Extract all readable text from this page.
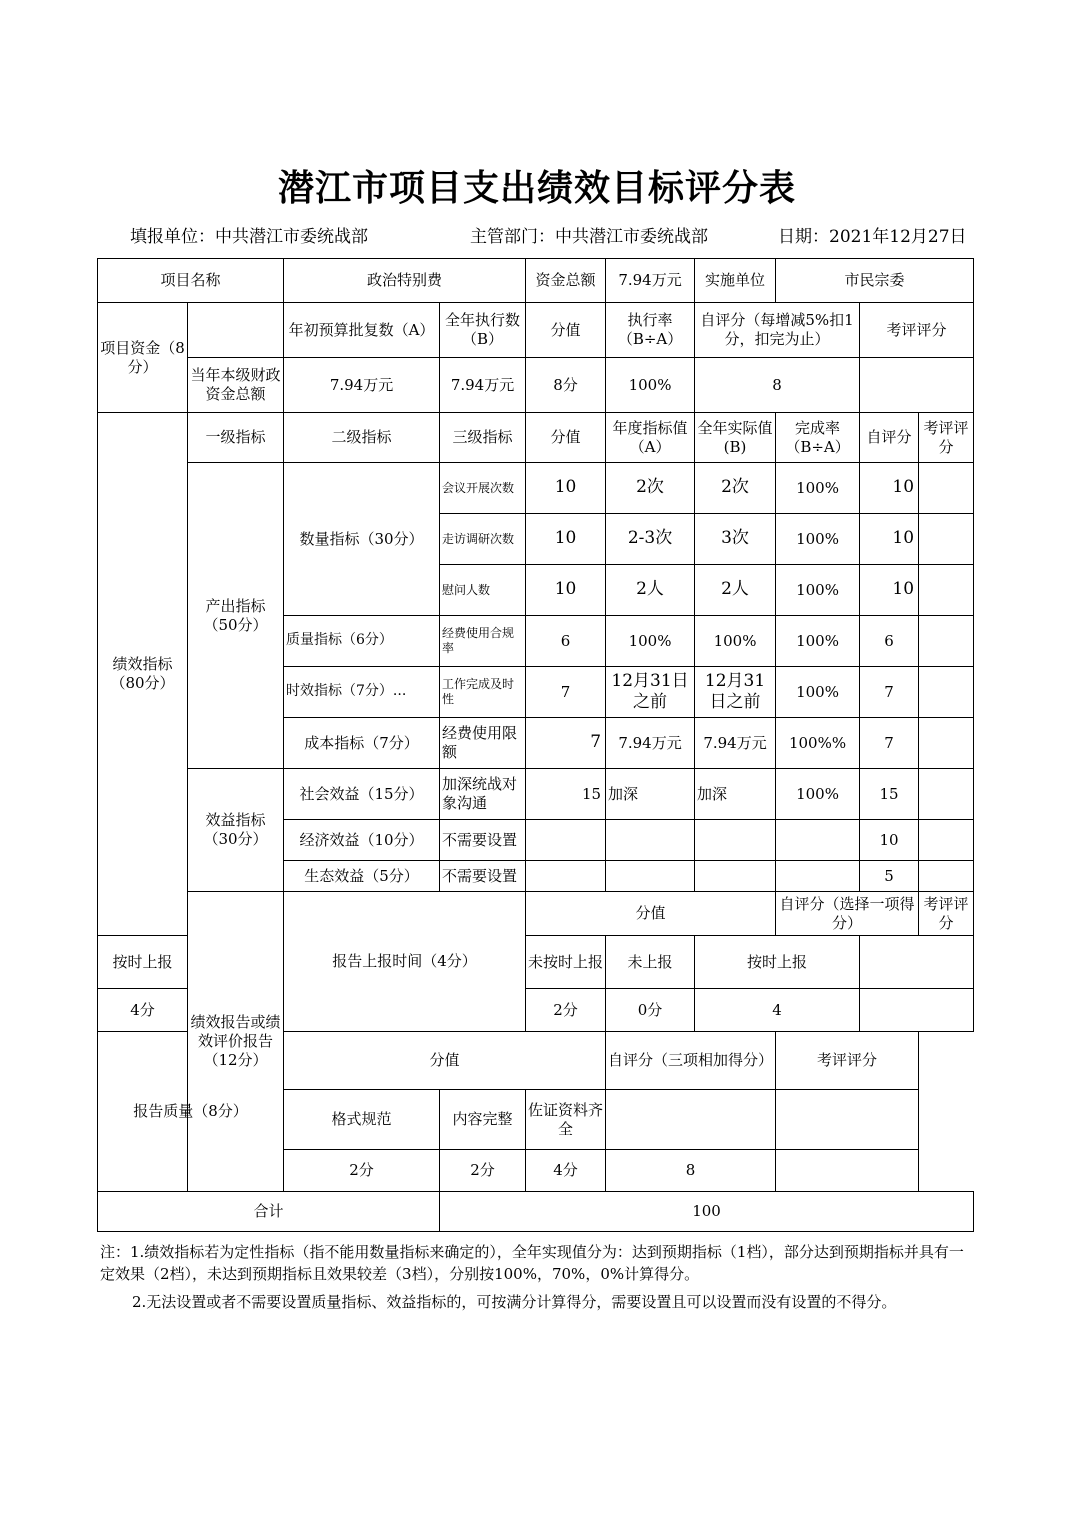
潜江市项目支出绩效目标评分表
填报单位：中共潜江市委统战部	主管部门：中共潜江市委统战部	日期：2021年12月27日
项目名称		政治特别费		资金总额	7.94万元	实施单位	市民宗委			
项目资金（8分）		年初预算批复数（A）	全年执行数（B）	分值	执行率（B÷A）	自评分（每增减5%扣1分，扣完为止）		考评评分		
	当年本级财政资金总额	7.94万元	7.94万元	8分	100%	8				
绩效指标（80分）	一级指标	二级指标	三级指标	分值	年度指标值（A）	全年实际值(B)	完成率（B÷A）	自评分	考评评分	
	产出指标（50分）	数量指标（30分）	会议开展次数	10	2次	2次	100%	10		
			走访调研次数	10	2-3次	3次	100%	10		
			慰问人数	10	2人	2人	100%	10		
		质量指标（6分）	经费使用合规率	6	100%	100%	100%	6		
		时效指标（7分）...	工作完成及时性	7	12月31日之前	12月31日之前	100%	7		
		成本指标（7分）	经费使用限额	7	7.94万元	7.94万元	100%%	7		
	效益指标（30分）	社会效益（15分）	加深统战对象沟通	15	加深	加深	100%	15		
		经济效益（10分）	不需要设置					10		
		生态效益（5分）	不需要设置					5		
	绩效报告或绩效评价报告（12分）	报告上报时间（4分）		分值			自评分（选择一项得分）		考评评分	
按时上报				未按时上报	未上报	按时上报				
4分				2分	0分	4				
报告质量（8分）		分值			自评分（三项相加得分）		考评评分			
		格式规范	内容完整	佐证资料齐全						
		2分	2分	4分	8					
合计			100							

注：1.绩效指标若为定性指标（指不能用数量指标来确定的），全年实现值分为：达到预期指标（1档），部分达到预期指标并具有一定效果（2档），未达到预期指标且效果较差（3档），分别按100%，70%，0%计算得分。

2.无法设置或者不需要设置质量指标、效益指标的，可按满分计算得分，需要设置且可以设置而没有设置的不得分。
